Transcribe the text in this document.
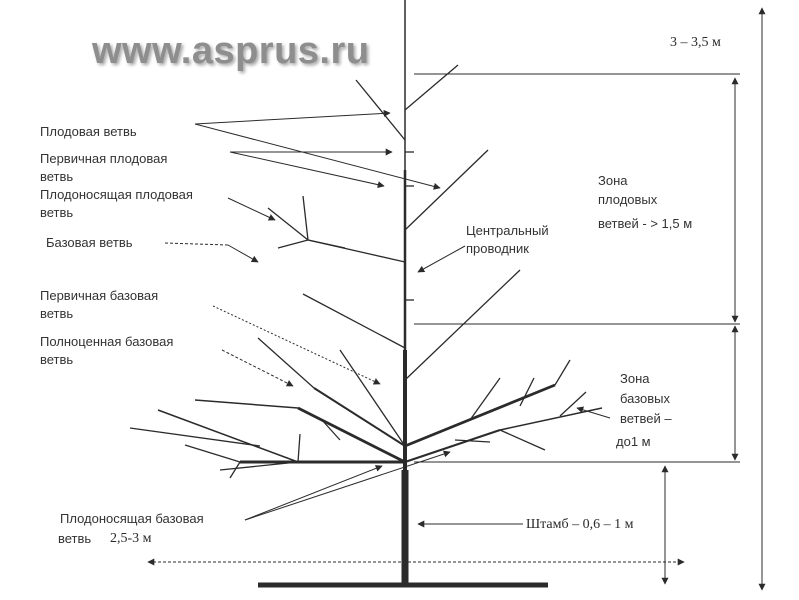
www.asprus.ru
Плодовая ветвь
Первичная плодовая
ветвь
Плодоносящая плодовая
ветвь
Базовая ветвь
Первичная базовая
ветвь
Полноценная базовая
ветвь
Плодоносящая базовая
ветвь
Центральный
проводник
3 – 3,5 м
Зона
плодовых
ветвей - > 1,5 м
Зона
базовых
ветвей –
до1 м
Штамб – 0,6 – 1 м
2,5-3 м
